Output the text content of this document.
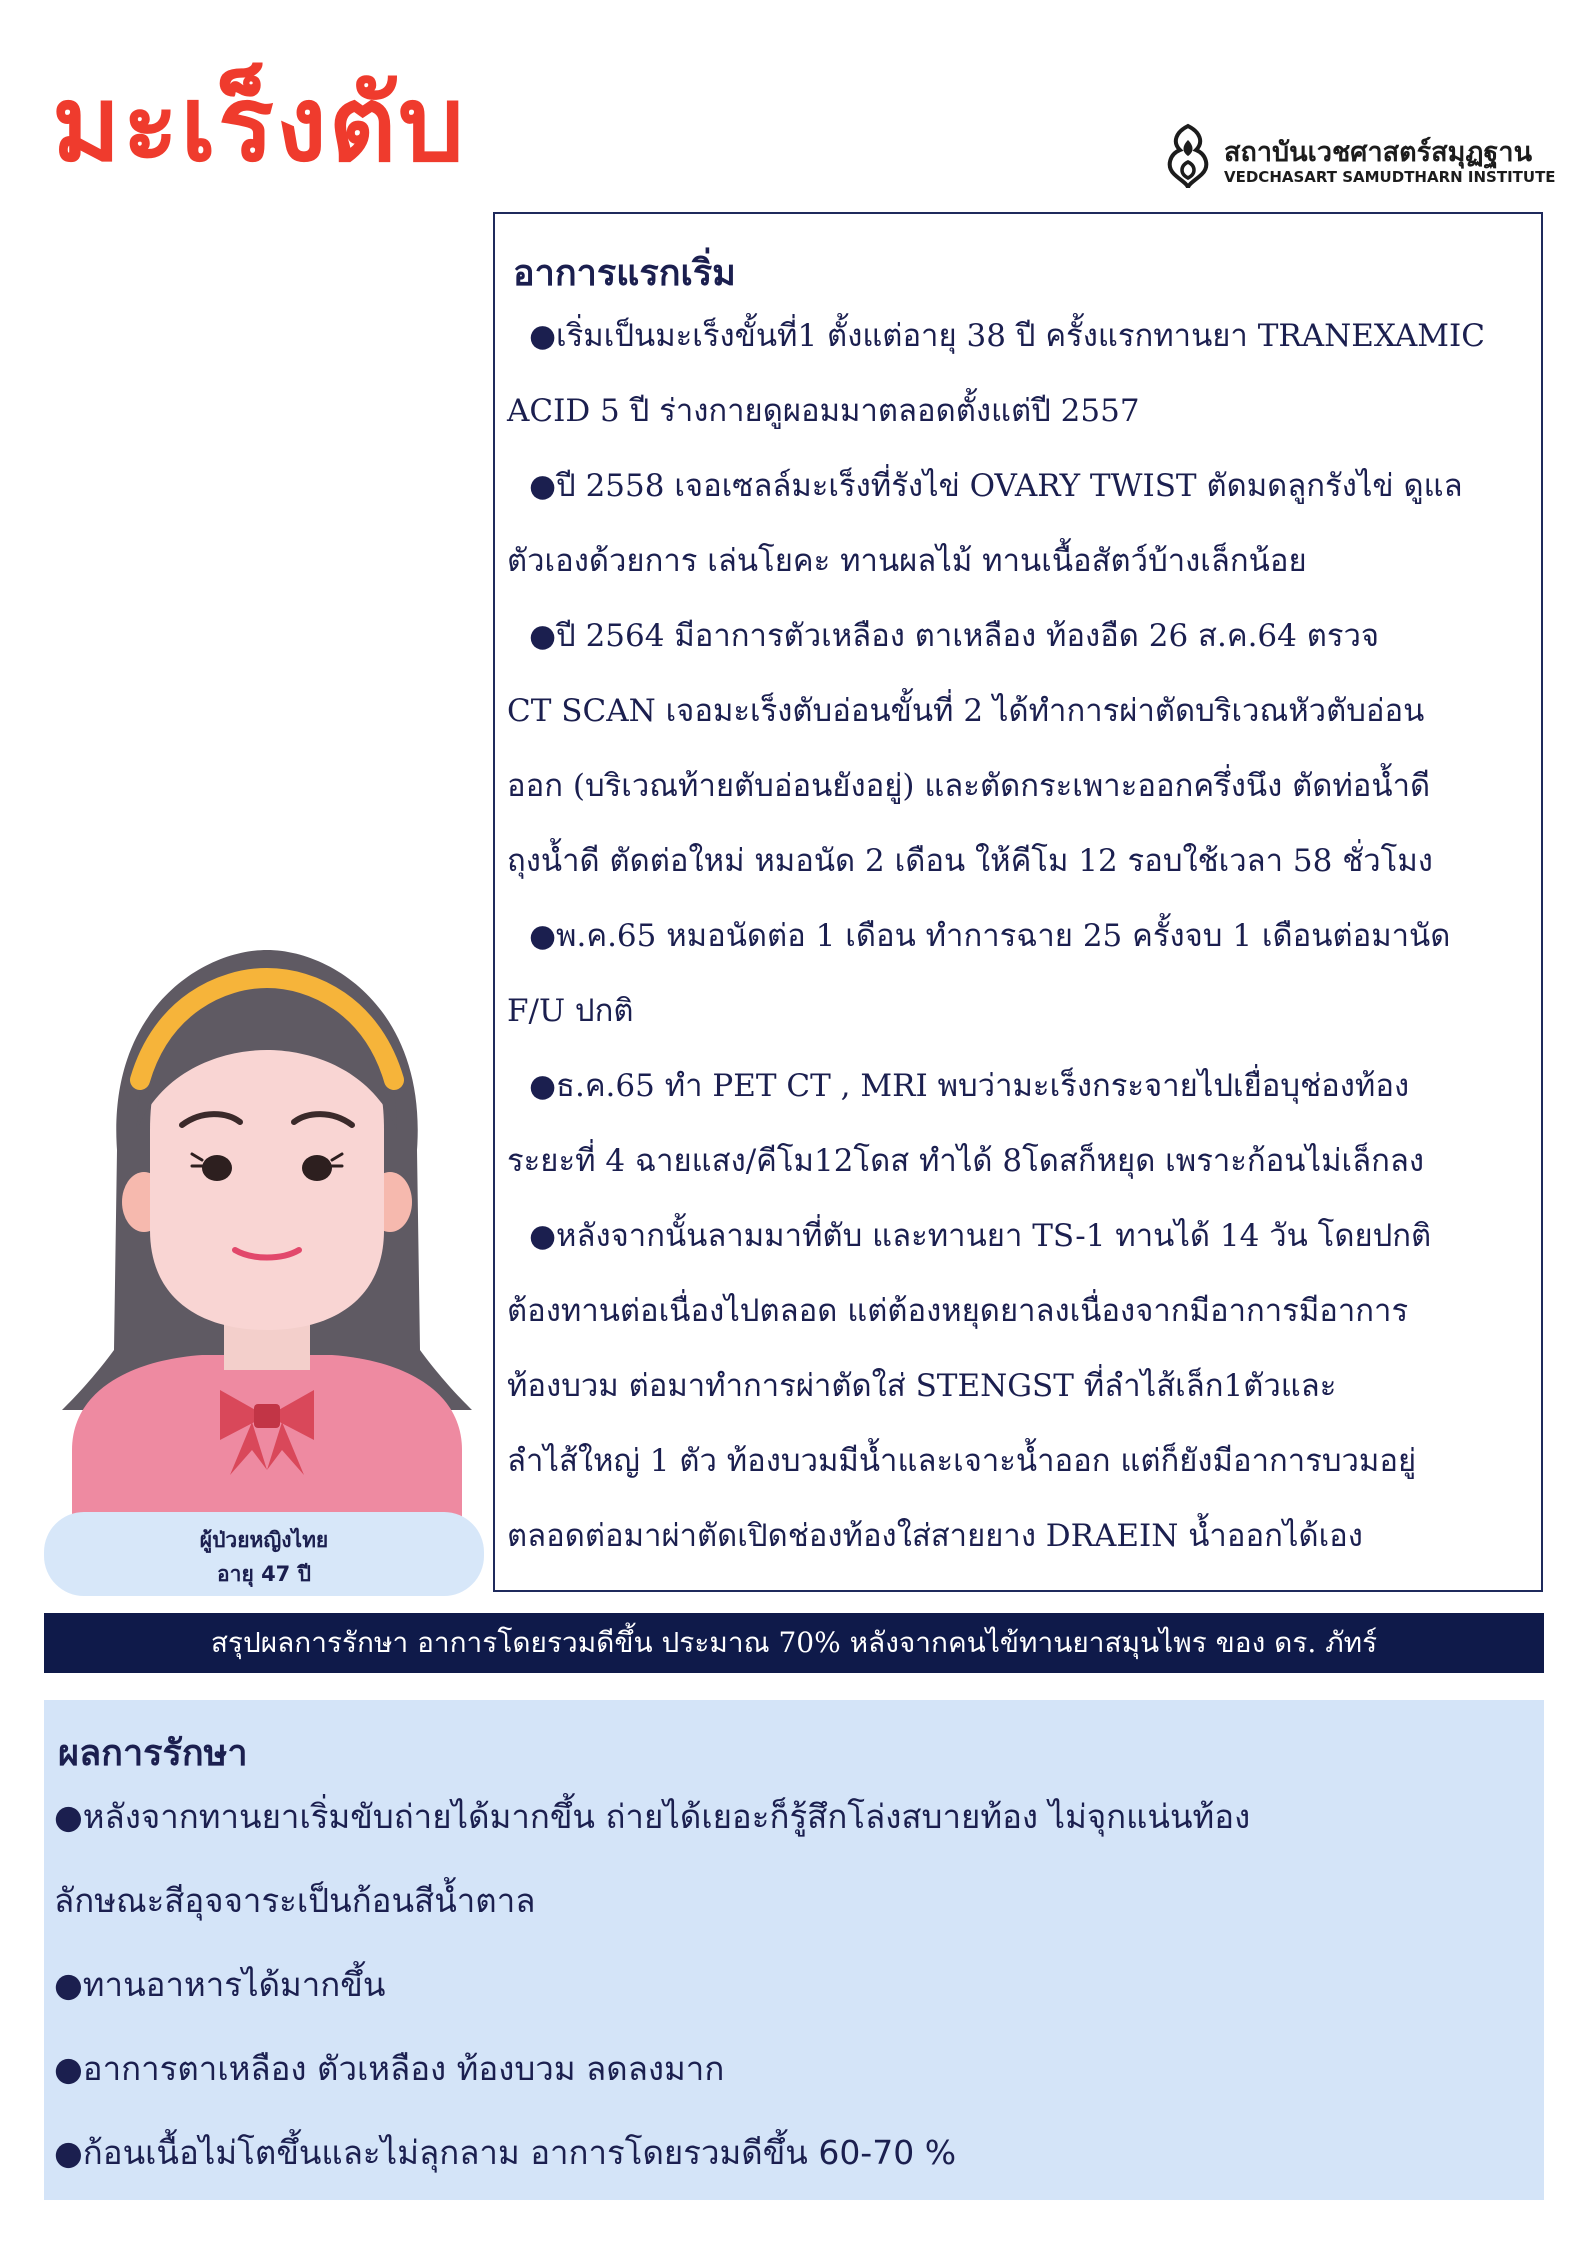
มะเร็งตับ	สถาบันเวชศาสตร์สมุฏฐาน
VEDCHASART SAMUDTHARN INSTITUTE
อาการแรกเริ่ม
●เริ่มเป็นมะเร็งขั้นที่1 ตั้งแต่อายุ 38 ปี ครั้งแรกทานยา TRANEXAMIC
ACID 5 ปี ร่างกายดูผอมมาตลอดตั้งแต่ปี 2557
●ปี 2558 เจอเซลล์มะเร็งที่รังไข่ OVARY TWIST ตัดมดลูกรังไข่ ดูแล
ตัวเองด้วยการ เล่นโยคะ ทานผลไม้ ทานเนื้อสัตว์บ้างเล็กน้อย
●ปี 2564 มีอาการตัวเหลือง ตาเหลือง ท้องอืด 26 ส.ค.64 ตรวจ
CT SCAN เจอมะเร็งตับอ่อนขั้นที่ 2 ได้ทำการผ่าตัดบริเวณหัวตับอ่อน
ออก (บริเวณท้ายตับอ่อนยังอยู่) และตัดกระเพาะออกครึ่งนึง ตัดท่อน้ำดี
ถุงน้ำดี ตัดต่อใหม่ หมอนัด 2 เดือน ให้คีโม 12 รอบใช้เวลา 58 ชั่วโมง
●พ.ค.65 หมอนัดต่อ 1 เดือน ทำการฉาย 25 ครั้งจบ 1 เดือนต่อมานัด
F/U ปกติ
●ธ.ค.65 ทำ PET CT , MRI พบว่ามะเร็งกระจายไปเยื่อบุช่องท้อง
ระยะที่ 4 ฉายแสง/คีโม12โดส ทำได้ 8โดสก็หยุด เพราะก้อนไม่เล็กลง
●หลังจากนั้นลามมาที่ตับ และทานยา TS-1 ทานได้ 14 วัน โดยปกติ
ต้องทานต่อเนื่องไปตลอด แต่ต้องหยุดยาลงเนื่องจากมีอาการมีอาการ
ท้องบวม ต่อมาทำการผ่าตัดใส่ STENGST ที่ลำไส้เล็ก1ตัวและ
ลำไส้ใหญ่ 1 ตัว ท้องบวมมีน้ำและเจาะน้ำออก แต่ก็ยังมีอาการบวมอยู่
ตลอดต่อมาผ่าตัดเปิดช่องท้องใส่สายยาง DRAEIN น้ำออกได้เอง
ผู้ป่วยหญิงไทย
อายุ 47 ปี
สรุปผลการรักษา อาการโดยรวมดีขึ้น ประมาณ 70% หลังจากคนไข้ทานยาสมุนไพร ของ ดร. ภัทร์
ผลการรักษา
●หลังจากทานยาเริ่มขับถ่ายได้มากขึ้น ถ่ายได้เยอะก็รู้สึกโล่งสบายท้อง ไม่จุกแน่นท้อง
ลักษณะสีอุจจาระเป็นก้อนสีน้ำตาล
●ทานอาหารได้มากขึ้น
●อาการตาเหลือง ตัวเหลือง ท้องบวม ลดลงมาก
●ก้อนเนื้อไม่โตขึ้นและไม่ลุกลาม อาการโดยรวมดีขึ้น 60-70 %
